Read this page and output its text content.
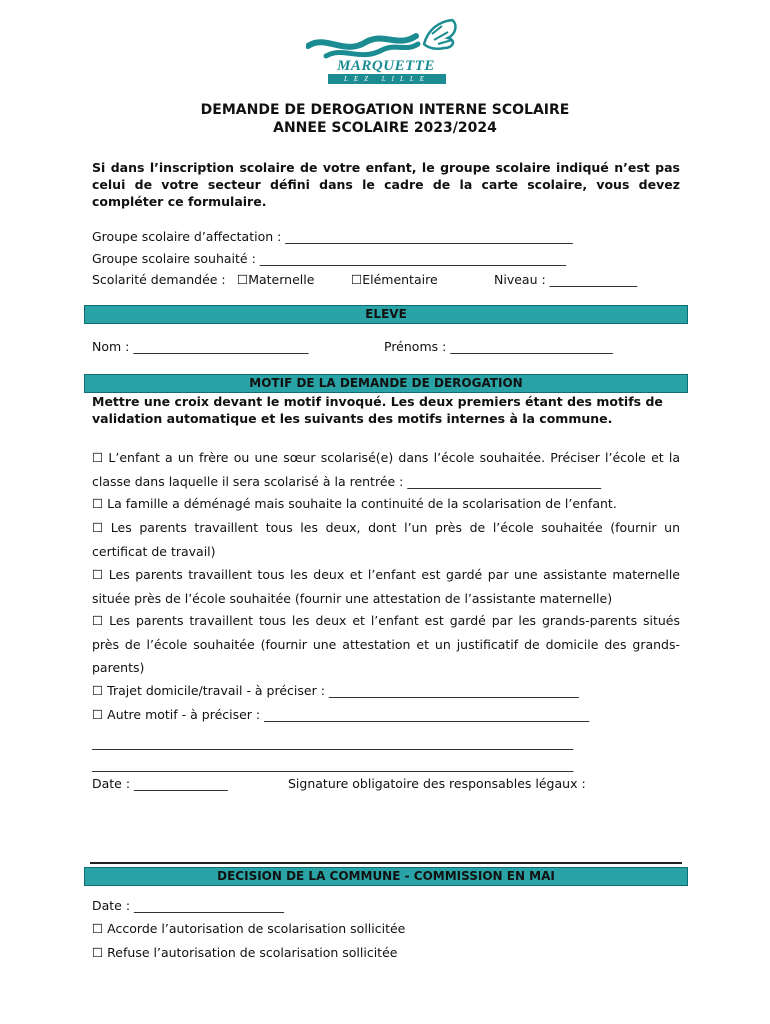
MARQUETTE
LEZ LILLE
DEMANDE DE DEROGATION INTERNE SCOLAIRE
ANNEE SCOLAIRE 2023/2024
Si dans l’inscription scolaire de votre enfant, le groupe scolaire indiqué n’est pas celui de votre secteur défini dans le cadre de la carte scolaire, vous devez compléter ce formulaire.
Groupe scolaire d’affectation : ______________________________________________
Groupe scolaire souhaité : _________________________________________________
Scolarité demandée : ☐Maternelle	☐Elémentaire	Niveau : ______________
ELEVE
Nom : ____________________________	Prénoms : __________________________
MOTIF DE LA DEMANDE DE DEROGATION
Mettre une croix devant le motif invoqué. Les deux premiers étant des motifs de validation automatique et les suivants des motifs internes à la commune.
☐ L’enfant a un frère ou une sœur scolarisé(e) dans l’école souhaitée. Préciser l’école et la classe dans laquelle il sera scolarisé à la rentrée : _______________________________
☐ La famille a déménagé mais souhaite la continuité de la scolarisation de l’enfant.
☐ Les parents travaillent tous les deux, dont l’un près de l’école souhaitée (fournir un certificat de travail)
☐ Les parents travaillent tous les deux et l’enfant est gardé par une assistante maternelle située près de l’école souhaitée (fournir une attestation de l’assistante maternelle)
☐ Les parents travaillent tous les deux et l’enfant est gardé par les grands-parents situés près de l’école souhaitée (fournir une attestation et un justificatif de domicile des grands-parents)
☐ Trajet domicile/travail - à préciser : ________________________________________
☐ Autre motif - à préciser : ____________________________________________________
_____________________________________________________________________________
_____________________________________________________________________________
Date : _______________	Signature obligatoire des responsables légaux :
DECISION DE LA COMMUNE - COMMISSION EN MAI
Date : ________________________
☐ Accorde l’autorisation de scolarisation sollicitée
☐ Refuse l’autorisation de scolarisation sollicitée
